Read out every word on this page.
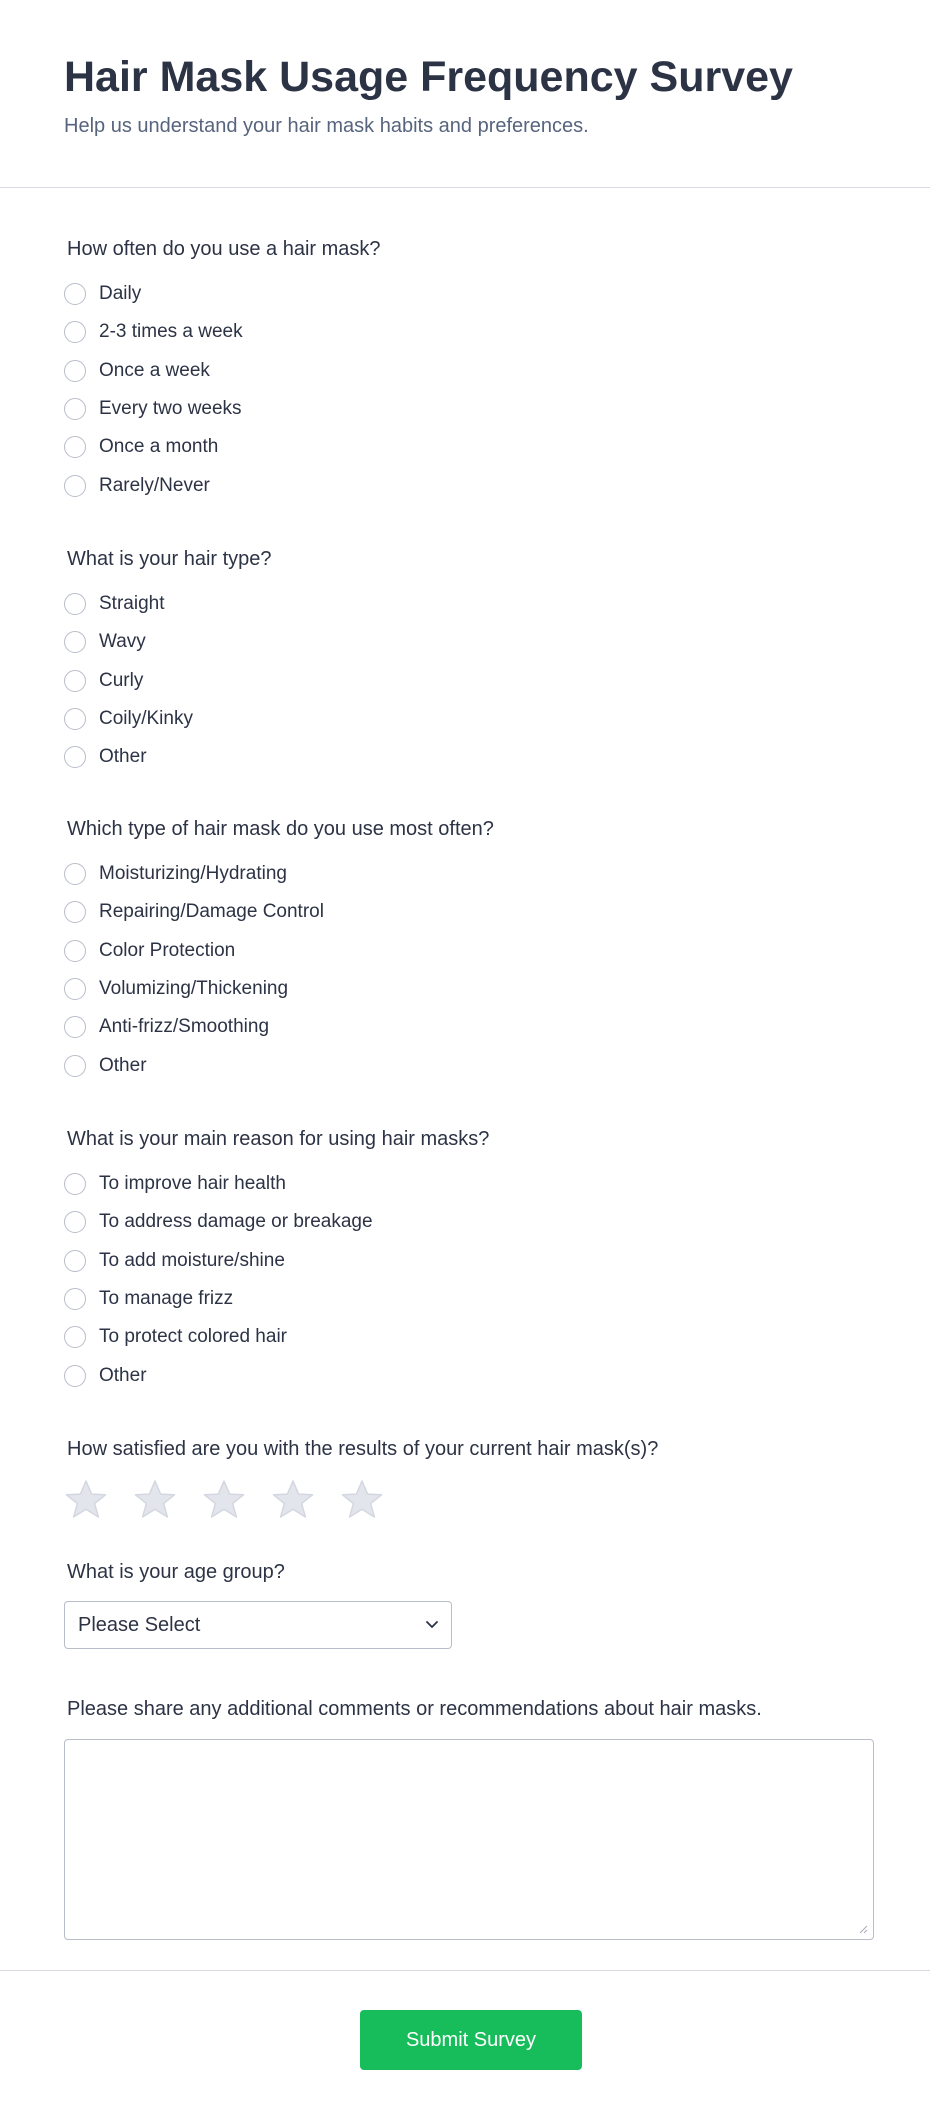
Hair Mask Usage Frequency Survey
Help us understand your hair mask habits and preferences.
How often do you use a hair mask?
Daily
2-3 times a week
Once a week
Every two weeks
Once a month
Rarely/Never
What is your hair type?
Straight
Wavy
Curly
Coily/Kinky
Other
Which type of hair mask do you use most often?
Moisturizing/Hydrating
Repairing/Damage Control
Color Protection
Volumizing/Thickening
Anti-frizz/Smoothing
Other
What is your main reason for using hair masks?
To improve hair health
To address damage or breakage
To add moisture/shine
To manage frizz
To protect colored hair
Other
How satisfied are you with the results of your current hair mask(s)?
What is your age group?
Please Select
Please share any additional comments or recommendations about hair masks.
Submit Survey
